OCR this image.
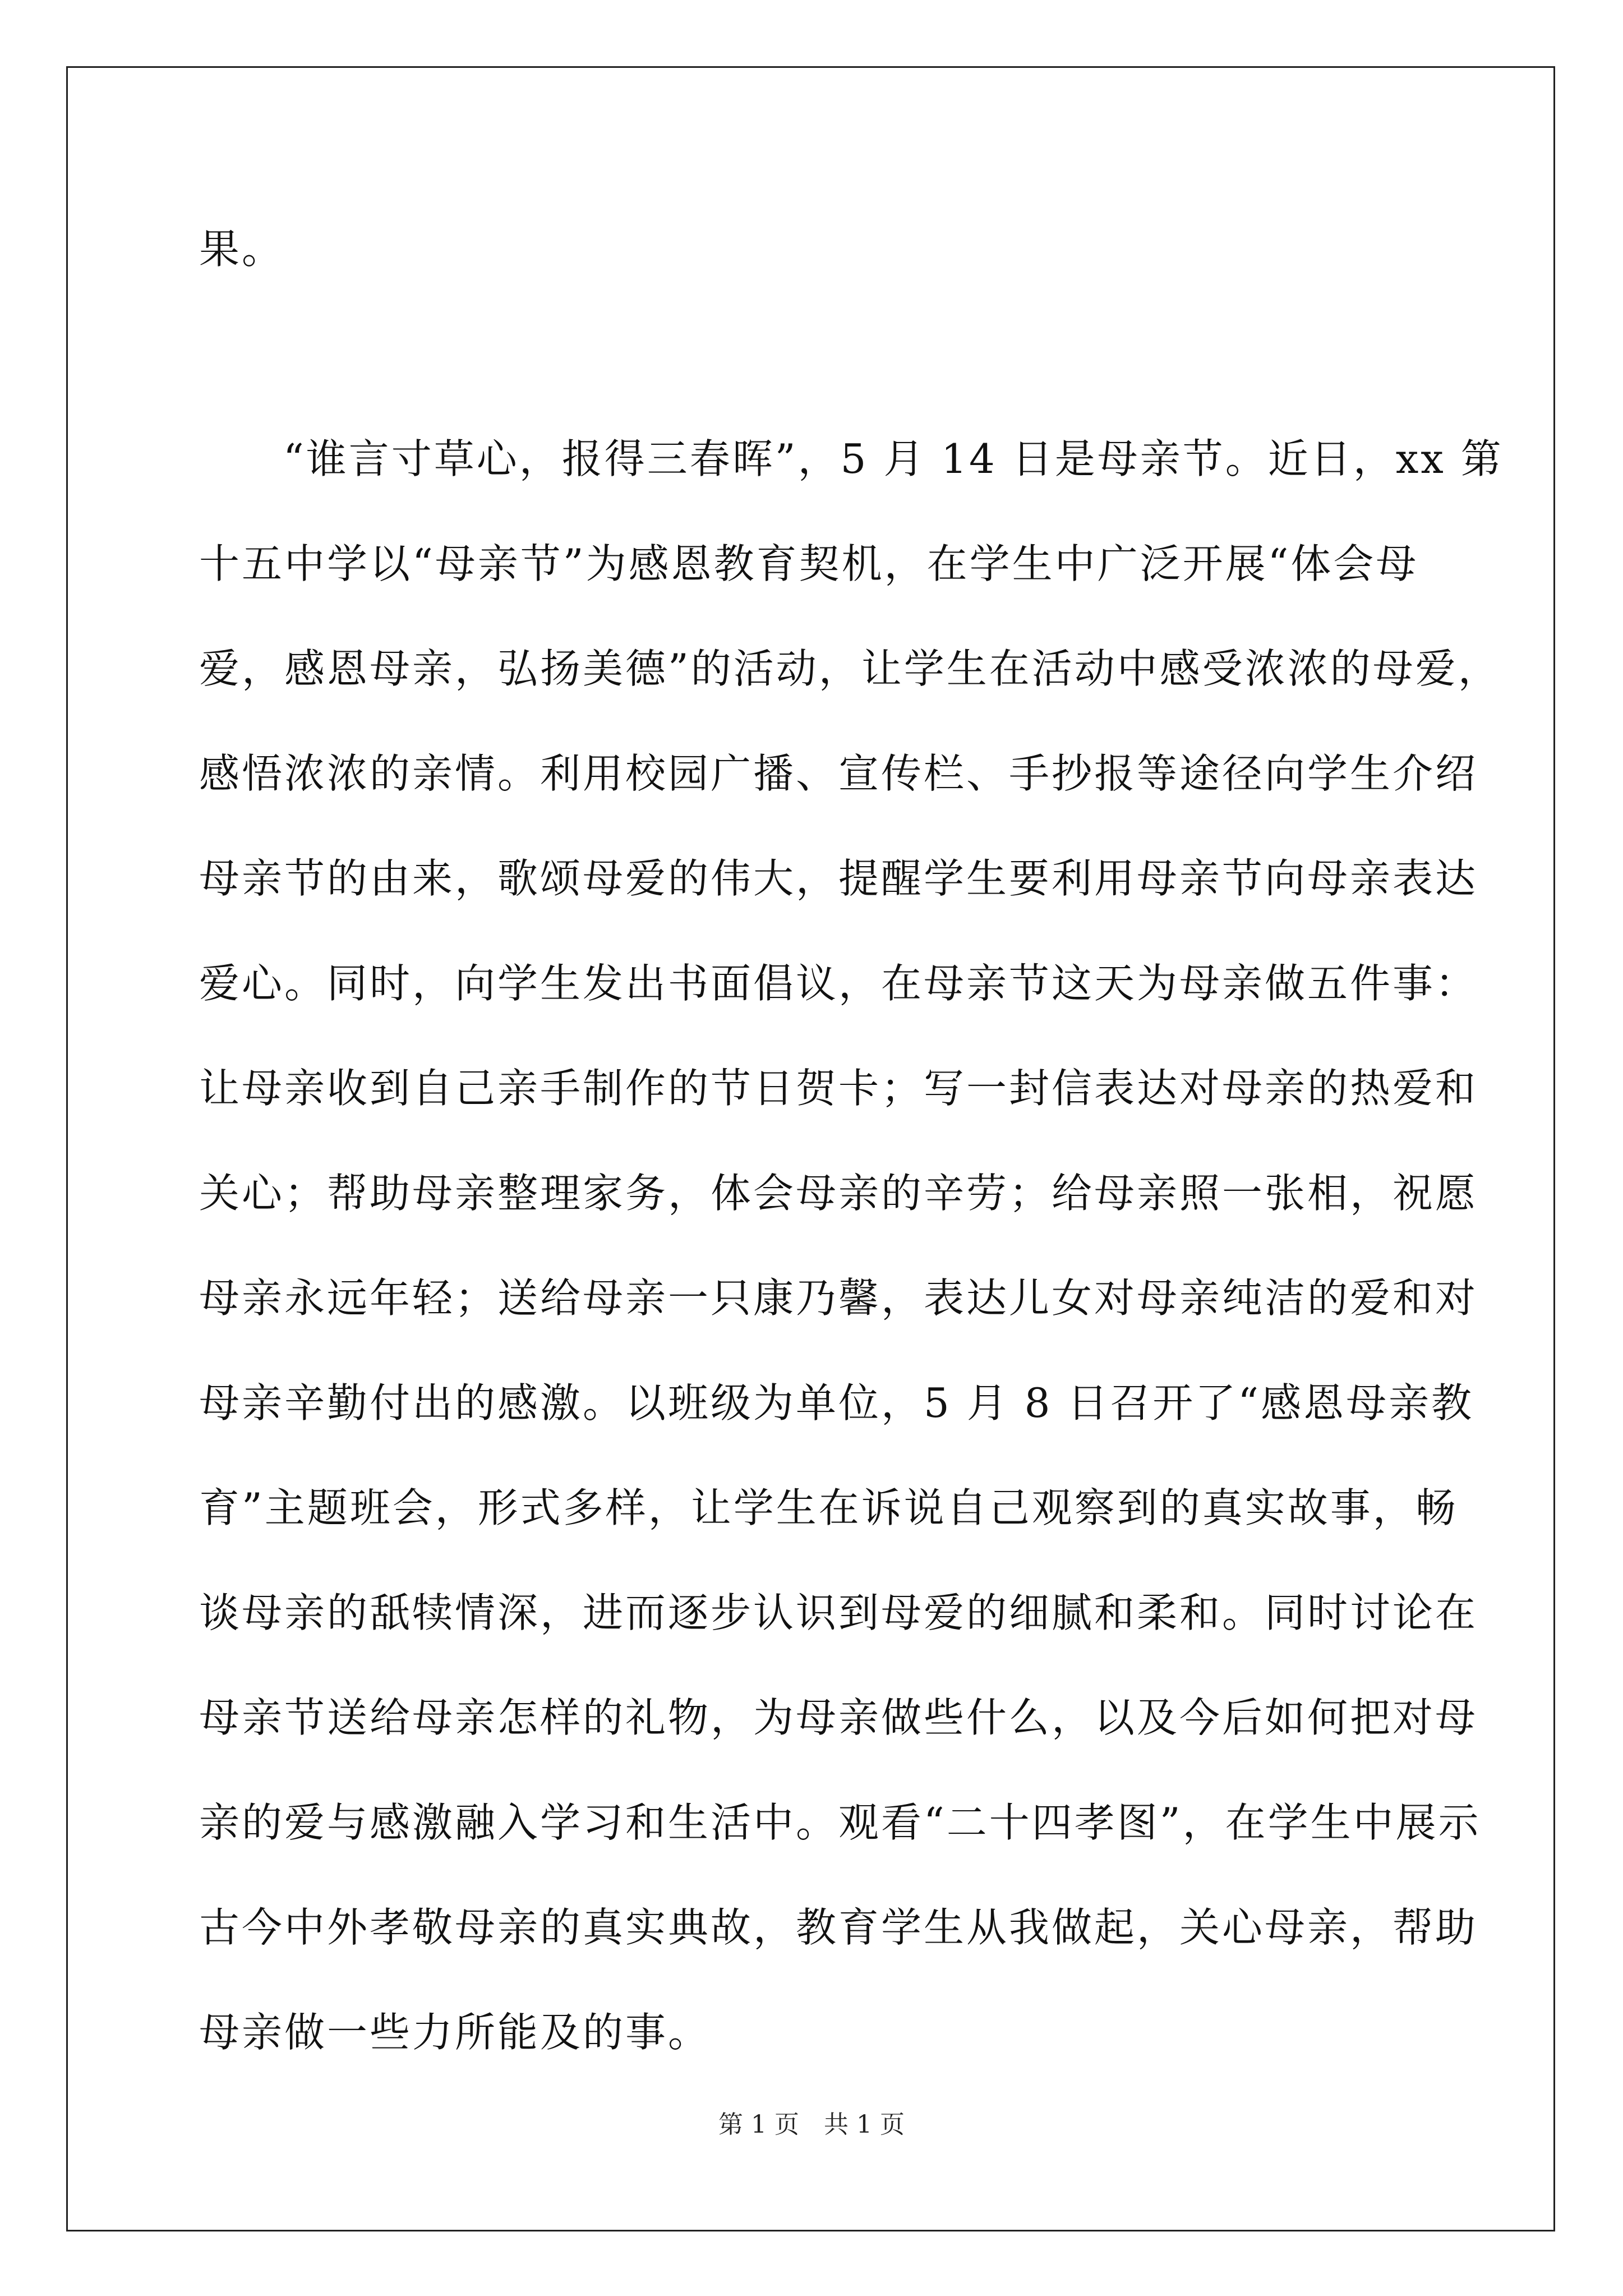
果。
“谁言寸草心，报得三春晖”，5 月 14 日是母亲节。近日，xx 第
十五中学以“母亲节”为感恩教育契机，在学生中广泛开展“体会母
爱，感恩母亲，弘扬美德”的活动，让学生在活动中感受浓浓的母爱，
感悟浓浓的亲情。利用校园广播、宣传栏、手抄报等途径向学生介绍
母亲节的由来，歌颂母爱的伟大，提醒学生要利用母亲节向母亲表达
爱心。同时，向学生发出书面倡议，在母亲节这天为母亲做五件事：
让母亲收到自己亲手制作的节日贺卡；写一封信表达对母亲的热爱和
关心；帮助母亲整理家务，体会母亲的辛劳；给母亲照一张相，祝愿
母亲永远年轻；送给母亲一只康乃馨，表达儿女对母亲纯洁的爱和对
母亲辛勤付出的感激。以班级为单位，5 月 8 日召开了“感恩母亲教
育”主题班会，形式多样，让学生在诉说自己观察到的真实故事，畅
谈母亲的舐犊情深，进而逐步认识到母爱的细腻和柔和。同时讨论在
母亲节送给母亲怎样的礼物，为母亲做些什么，以及今后如何把对母
亲的爱与感激融入学习和生活中。观看“二十四孝图”，在学生中展示
古今中外孝敬母亲的真实典故，教育学生从我做起，关心母亲，帮助
母亲做一些力所能及的事。
第 1 页　共 1 页
